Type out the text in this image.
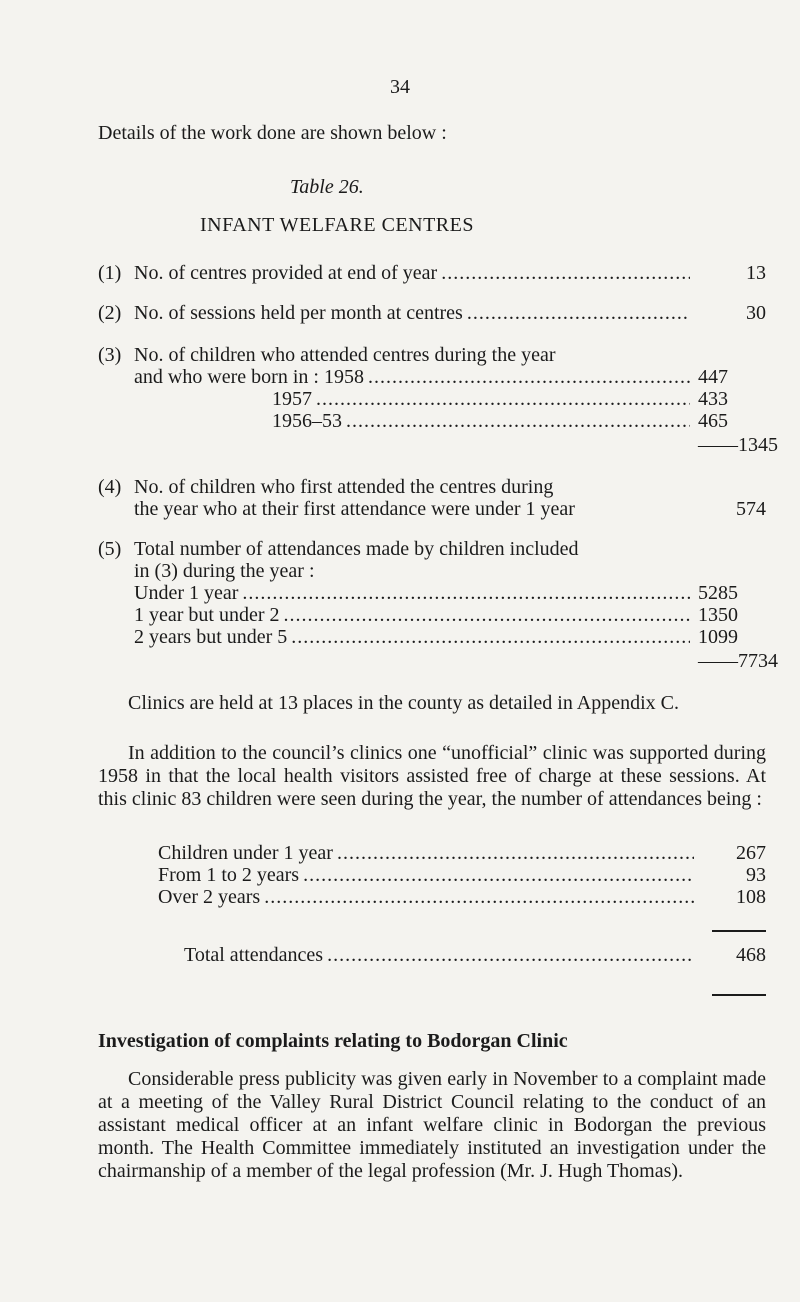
34
Details of the work done are shown below :
Table 26.
INFANT WELFARE CENTRES
(1) No. of centres provided at end of year .....	13
(2) No. of sessions held per month at centres .....	30
(3) No. of children who attended centres during the year
and who were born in : 1958 .....	447
1957 .....	433
1956–53 .....	465
——1345
(4) No. of children who first attended the centres during
the year who at their first attendance were under 1 year	574
(5) Total number of attendances made by children included
in (3) during the year :
Under 1 year .....	5285
1 year but under 2 .....	1350
2 years but under 5 .....	1099
——7734
Clinics are held at 13 places in the county as detailed in Appendix C.
In addition to the council’s clinics one “unofficial” clinic was supported during 1958 in that the local health visitors assisted free of charge at these sessions. At this clinic 83 children were seen during the year, the number of attendances being :
Children under 1 year .....	267
From 1 to 2 years .....	93
Over 2 years .....	108
Total attendances .....	468
Investigation of complaints relating to Bodorgan Clinic
Considerable press publicity was given early in November to a complaint made at a meeting of the Valley Rural District Council relating to the conduct of an assistant medical officer at an infant welfare clinic in Bodorgan the previous month. The Health Committee immediately instituted an investigation under the chairmanship of a member of the legal profession (Mr. J. Hugh Thomas).
